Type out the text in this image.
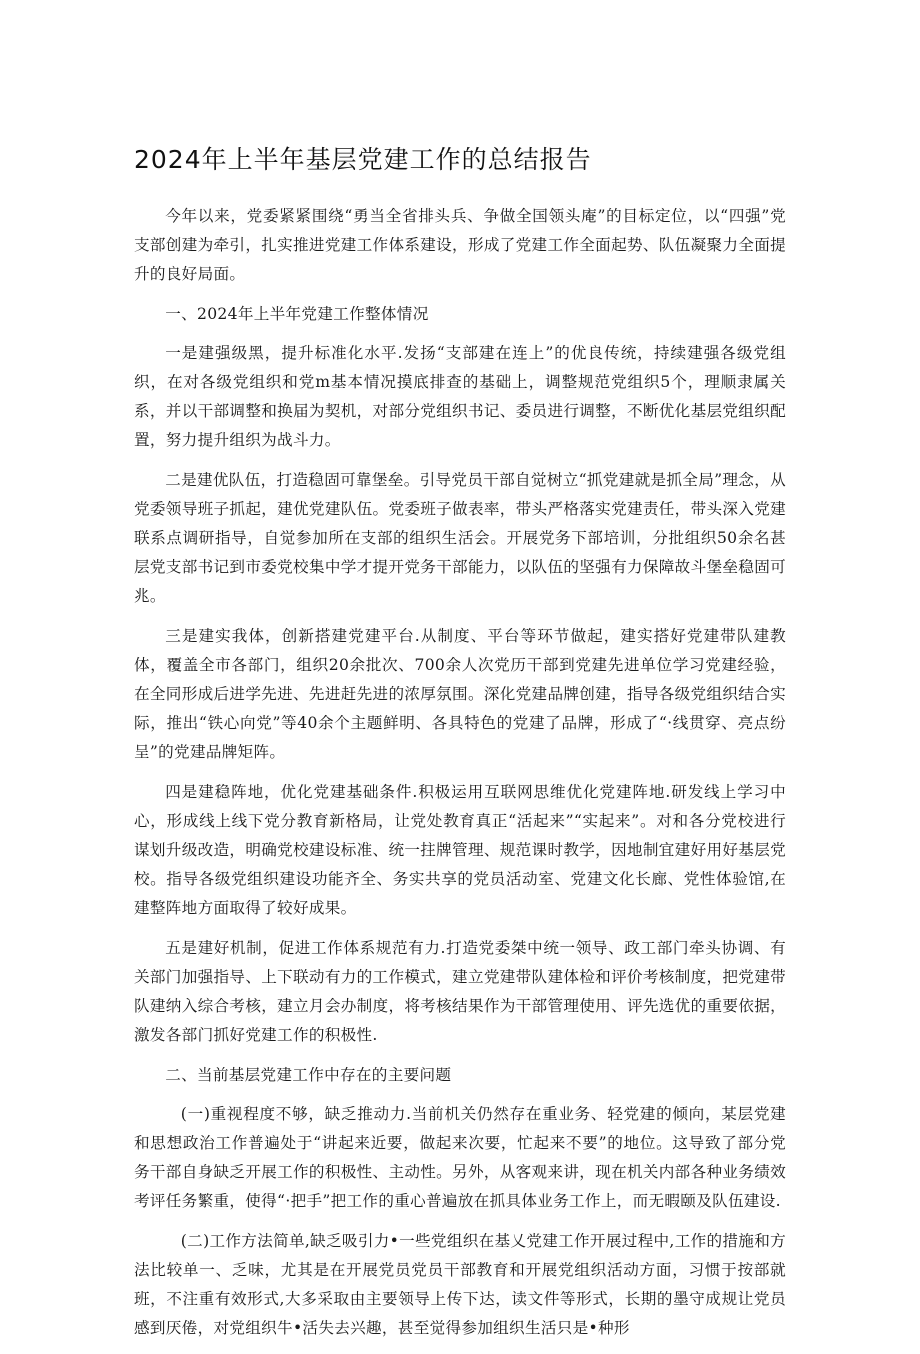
2024年上半年基层党建工作的总结报告

今年以来，党委紧紧围绕“勇当全省排头兵、争做全国领头庵”的目标定位，以“四强”党支部创建为牵引，扎实推进党建工作体系建设，形成了党建工作全面起势、队伍凝聚力全面提升的良好局面。

一、2024年上半年党建工作整体情况

一是建强级黑，提升标准化水平.发扬“支部建在连上”的优良传统，持续建强各级党组织，在对各级党组织和党m基本情况摸底排查的基础上，调整规范党组织5个，理顺隶属关系，并以干部调整和换届为契机，对部分党组织书记、委员进行调整，不断优化基层党组织配置，努力提升组织为战斗力。

二是建优队伍，打造稳固可靠堡垒。引导党员干部自觉树立“抓党建就是抓全局”理念，从党委领导班子抓起，建优党建队伍。党委班子做表率，带头严格落实党建责任，带头深入党建联系点调研指导，自觉参加所在支部的组织生活会。开展党务下部培训，分批组织50余名甚层党支部书记到市委党校集中学才提开党务干部能力，以队伍的坚强有力保障故斗堡垒稳固可兆。

三是建实我体，创新搭建党建平台.从制度、平台等环节做起，建实搭好党建带队建教体，覆盖全市各部门，组织20余批次、700余人次党历干部到党建先进单位学习党建经验，在全同形成后进学先进、先进赶先进的浓厚氛围。深化党建品牌创建，指导各级党组织结合实际，推出“铁心向党”等40余个主题鲜明、各具特色的党建了品牌，形成了“·线贯穿、亮点纷呈”的党建品牌矩阵。

四是建稳阵地，优化党建基础条件.积极运用互联网思维优化党建阵地.研发线上学习中心，形成线上线下党分教育新格局，让党处教育真正“活起来”“实起来”。对和各分党校进行谋划升级改造，明确党校建设标准、统一拄牌管理、规范课时教学，因地制宜建好用好基层党校。指导各级党组织建设功能齐全、务实共享的党员活动室、党建文化长廊、党性体验馆,在建整阵地方面取得了较好成果。

五是建好机制，促进工作体系规范有力.打造党委桀中统一领导、政工部门牵头协调、有关部门加强指导、上下联动有力的工作模式，建立党建带队建体检和评价考核制度，把党建带队建纳入综合考核，建立月会办制度，将考核结果作为干部管理使用、评先选优的重要依据，激发各部门抓好党建工作的积极性.

二、当前基层党建工作中存在的主要问题

(一)重视程度不够，缺乏推动力.当前机关仍然存在重业务、轻党建的倾向，某层党建和思想政治工作普遍处于“讲起来近要，做起来次要，忙起来不要”的地位。这导致了部分党务干部自身缺乏开展工作的积极性、主动性。另外，从客观来讲，现在机关内部各种业务绩效考评任务繁重，使得“·把手”把工作的重心普遍放在抓具体业务工作上，而无暇颐及队伍建设.

(二)工作方法简单,缺乏吸引力•一些党组织在基乂党建工作开展过程中,工作的措施和方法比较单一、乏味，尤其是在开展党员党员干部教育和开展党组织活动方面，习惯于按部就班，不注重有效形式,大多采取由主要领导上传下达，读文件等形式，长期的墨守成规让党员感到厌倦，对党组织牛•活失去兴趣，甚至觉得参加组织生活只是•种形
